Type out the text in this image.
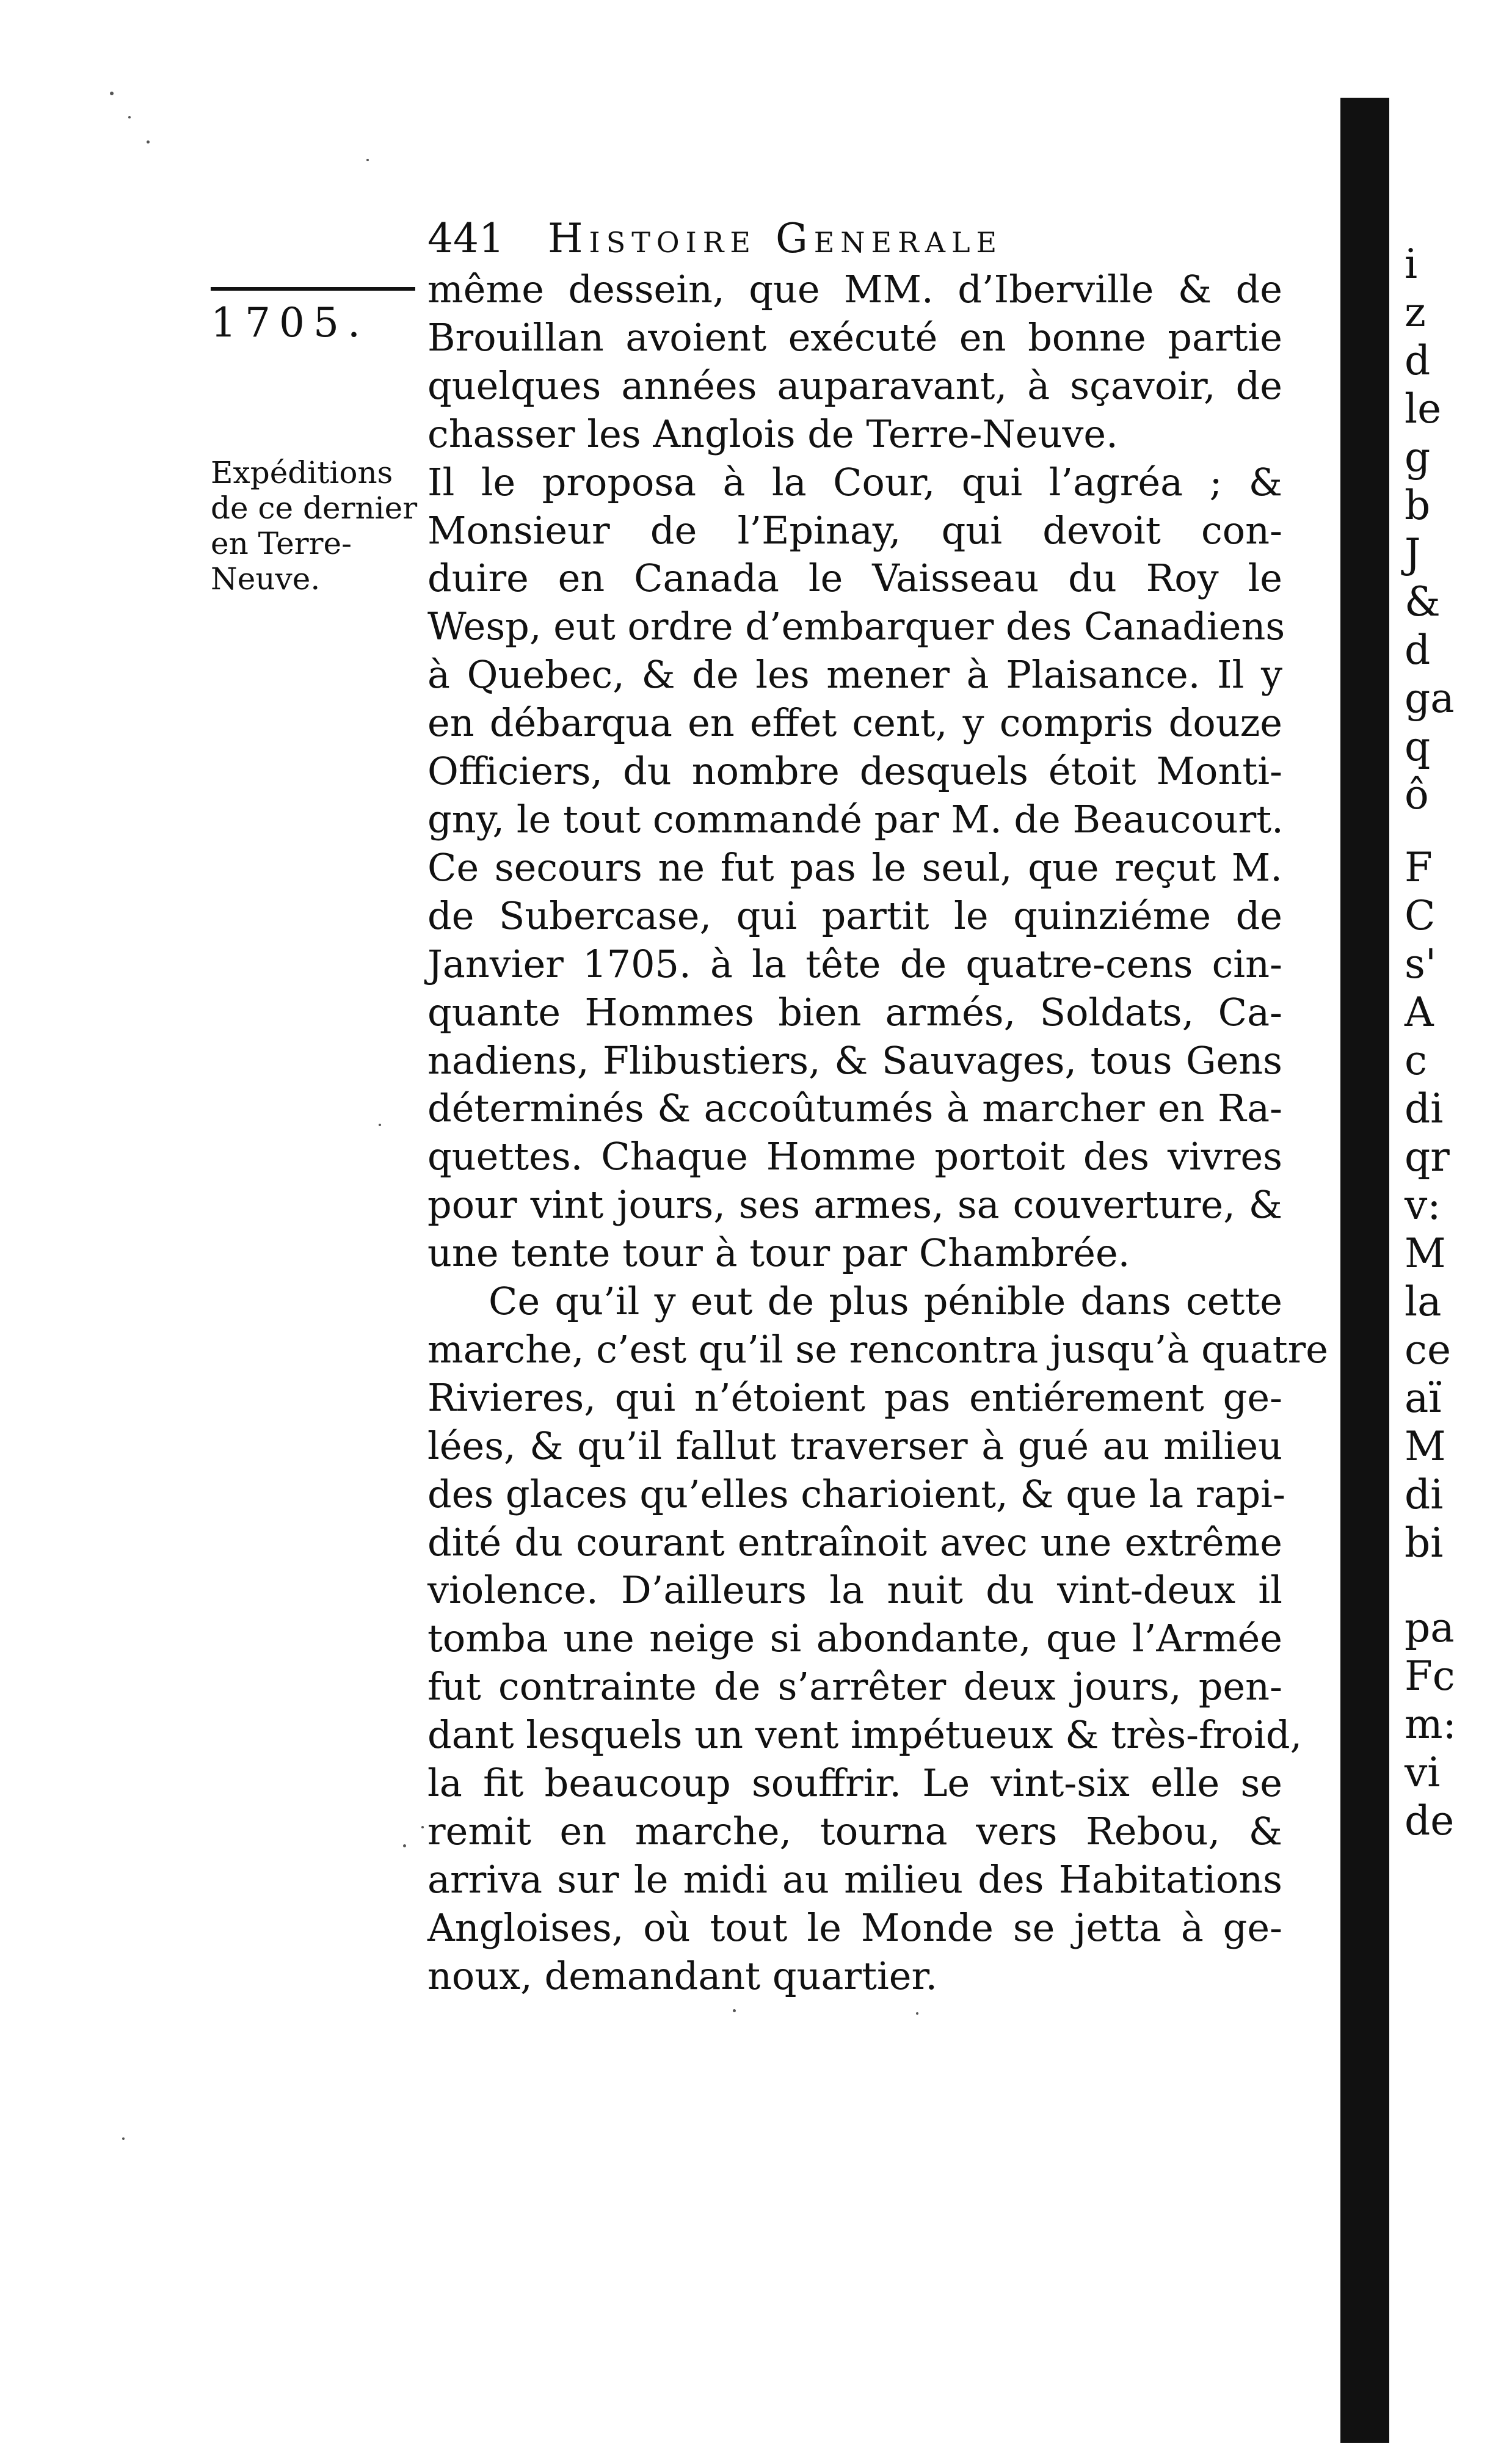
441 Histoire Generale
1705.
Expéditions
de ce dernier
en Terre-
Neuve.
même dessein, que MM. d’Iberville & de
Brouillan avoient exécuté en bonne partie
quelques années auparavant, à sçavoir, de
chasser les Anglois de Terre-Neuve.
Il le proposa à la Cour, qui l’agréa ; &
Monsieur de l’Epinay, qui devoit con-
duire en Canada le Vaisseau du Roy le
Wesp, eut ordre d’embarquer des Canadiens
à Quebec, & de les mener à Plaisance. Il y
en débarqua en effet cent, y compris douze
Officiers, du nombre desquels étoit Monti-
gny, le tout commandé par M. de Beaucourt.
Ce secours ne fut pas le seul, que reçut M.
de Subercase, qui partit le quinziéme de
Janvier 1705. à la tête de quatre-cens cin-
quante Hommes bien armés, Soldats, Ca-
nadiens, Flibustiers, & Sauvages, tous Gens
déterminés & accoûtumés à marcher en Ra-
quettes. Chaque Homme portoit des vivres
pour vint jours, ses armes, sa couverture, &
une tente tour à tour par Chambrée.
Ce qu’il y eut de plus pénible dans cette
marche, c’est qu’il se rencontra jusqu’à quatre
Rivieres, qui n’étoient pas entiérement ge-
lées, & qu’il fallut traverser à gué au milieu
des glaces qu’elles charioient, & que la rapi-
dité du courant entraînoit avec une extrême
violence. D’ailleurs la nuit du vint-deux il
tomba une neige si abondante, que l’Armée
fut contrainte de s’arrêter deux jours, pen-
dant lesquels un vent impétueux & très-froid,
la fit beaucoup souffrir. Le vint-six elle se
remit en marche, tourna vers Rebou, &
arriva sur le midi au milieu des Habitations
Angloises, où tout le Monde se jetta à ge-
noux, demandant quartier.
i
z
d
le
g
b
J
&
d
ga
q
ô
F
C
s'
A
c
di
qr
v:
M
la
ce
aï
M
di
bi
pa
Fc
m:
vi
de
